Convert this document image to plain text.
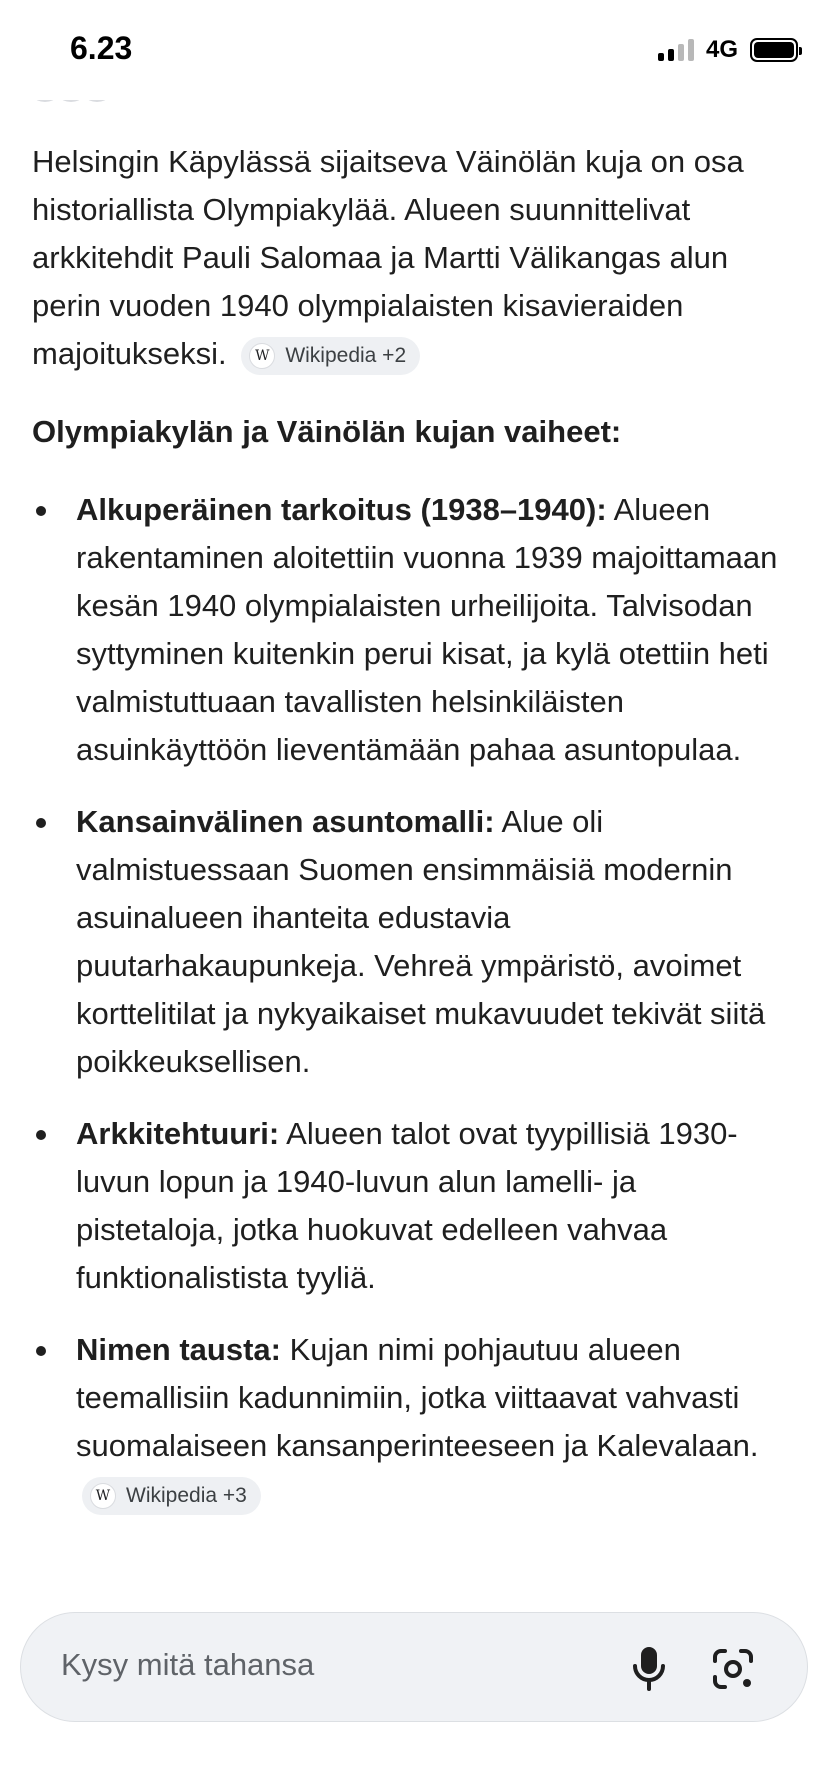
6.23	4G

Helsingin Käpylässä sijaitseva Väinölän kuja on osa historiallista Olympiakylää. Alueen suunnittelivat arkkitehdit Pauli Salomaa ja Martti Välikangas alun perin vuoden 1940 olympialaisten kisavieraiden majoitukseksi.	W Wikipedia +2

Olympiakylän ja Väinölän kujan vaiheet:
Alkuperäinen tarkoitus (1938–1940): Alueen rakentaminen aloitettiin vuonna 1939 majoittamaan kesän 1940 olympialaisten urheilijoita. Talvisodan syttyminen kuitenkin perui kisat, ja kylä otettiin heti valmistuttuaan tavallisten helsinkiläisten asuinkäyttöön lieventämään pahaa asuntopulaa.
Kansainvälinen asuntomalli: Alue oli valmistuessaan Suomen ensimmäisiä modernin asuinalueen ihanteita edustavia puutarhakaupunkeja. Vehreä ympäristö, avoimet korttelitilat ja nykyaikaiset mukavuudet tekivät siitä poikkeuksellisen.
Arkkitehtuuri: Alueen talot ovat tyypillisiä 1930-luvun lopun ja 1940-luvun alun lamelli- ja pistetaloja, jotka huokuvat edelleen vahvaa funktionalistista tyyliä.
Nimen tausta: Kujan nimi pohjautuu alueen teemallisiin kadunnimiin, jotka viittaavat vahvasti suomalaiseen kansanperinteeseen ja Kalevalaan.
W Wikipedia +3
Kysy mitä tahansa
